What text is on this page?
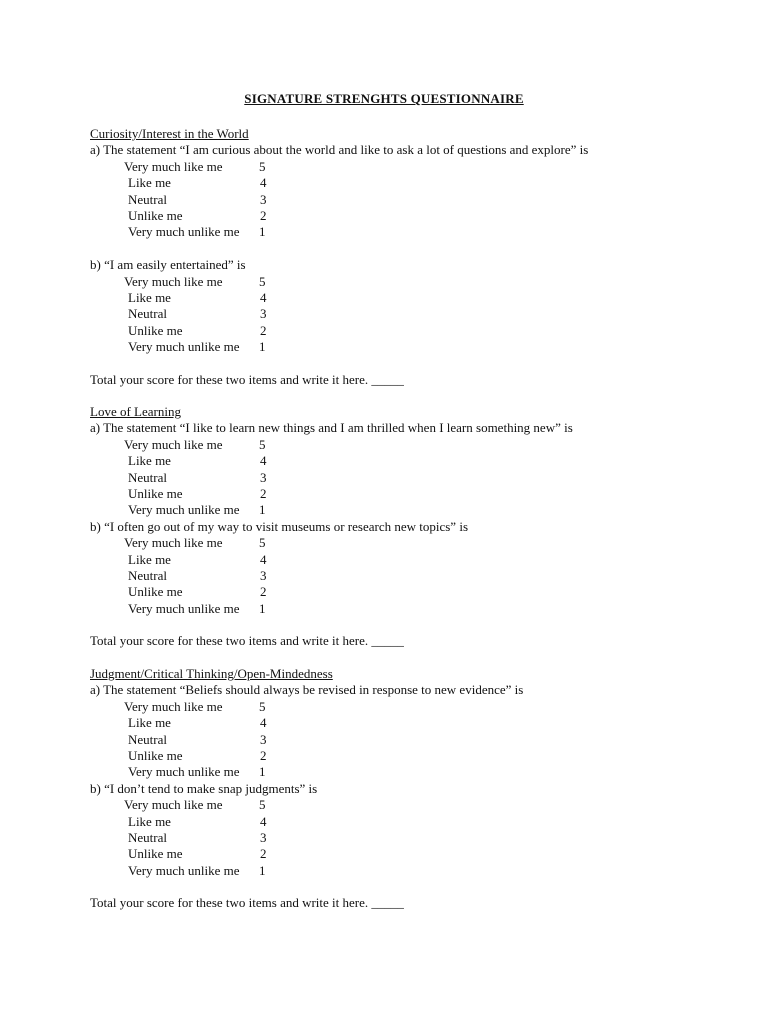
SIGNATURE STRENGHTS QUESTIONNAIRE
Curiosity/Interest in the World
a) The statement “I am curious about the world and like to ask a lot of questions and explore” is
Very much like me	5
Like me	4
Neutral	3
Unlike me	2
Very much unlike me 1
b) “I am easily entertained” is
Very much like me	5
Like me	4
Neutral	3
Unlike me	2
Very much unlike me 1
Total your score for these two items and write it here. _____
Love of Learning
a) The statement “I like to learn new things and I am thrilled when I learn something new” is
Very much like me	5
Like me	4
Neutral	3
Unlike me	2
Very much unlike me 1
b) “I often go out of my way to visit museums or research new topics” is
Very much like me	5
Like me	4
Neutral	3
Unlike me	2
Very much unlike me 1
Total your score for these two items and write it here. _____
Judgment/Critical Thinking/Open-Mindedness
a) The statement “Beliefs should always be revised in response to new evidence” is
Very much like me	5
Like me	4
Neutral	3
Unlike me	2
Very much unlike me 1
b) “I don’t tend to make snap judgments” is
Very much like me	5
Like me	4
Neutral	3
Unlike me	2
Very much unlike me 1
Total your score for these two items and write it here. _____
